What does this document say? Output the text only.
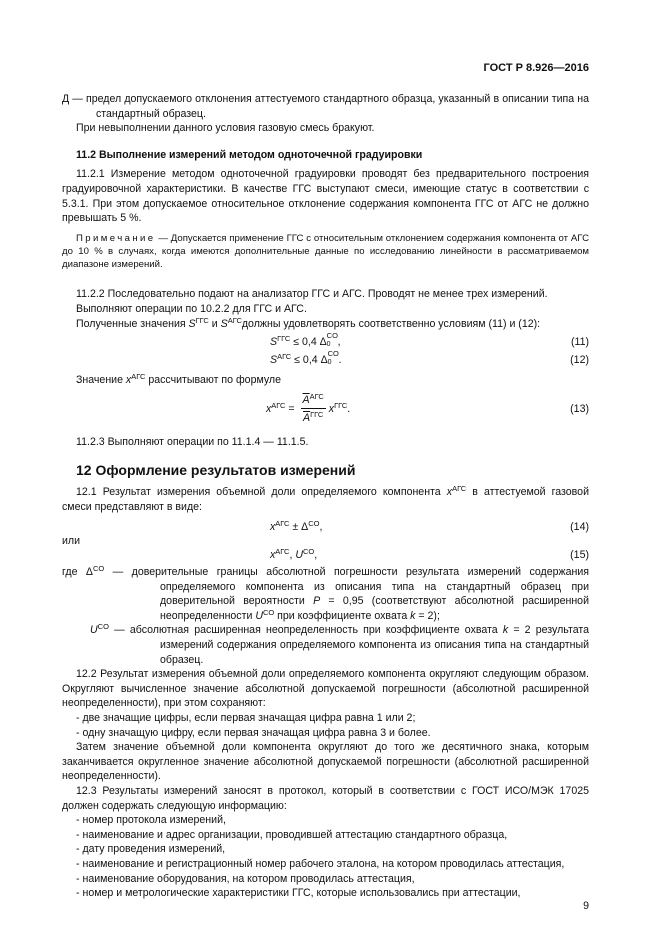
ГОСТ Р 8.926—2016
Д — предел допускаемого отклонения аттестуемого стандартного образца, указанный в описании типа на стандартный образец.
При невыполнении данного условия газовую смесь бракуют.
11.2 Выполнение измерений методом одноточечной градуировки
11.2.1 Измерение методом одноточечной градуировки проводят без предварительного построения градуировочной характеристики. В качестве ГГС выступают смеси, имеющие статус в соответствии с 5.3.1. При этом допускаемое относительное отклонение содержания компонента ГГС от АГС не должно превышать 5 %.
Примечание — Допускается применение ГГС с относительным отклонением содержания компонента от АГС до 10 % в случаях, когда имеются дополнительные данные по исследованию линейности в рассматриваемом диапазоне измерений.
11.2.2 Последовательно подают на анализатор ГГС и АГС. Проводят не менее трех измерений.
Выполняют операции по 10.2.2 для ГГС и АГС.
Полученные значения $S^{ГГС}$ и $S^{АГС}должны$ удовлетворять соответственно условиям (11) и (12):
$S^{ГГС} \le 0,4$ Δ
CO
0 ,	(11)
$S^{АГС} \le 0,4$ Δ
CO
0 .	(12)
Значение $x^{АГС}$ рассчитывают по формуле
$x^{АГС} = \frac{\overline{A}^{АГС}}{\overline{A}^{ГГС}} x^{ГГС}$.	(13)
11.2.3 Выполняют операции по 11.1.4 — 11.1.5.
12 Оформление результатов измерений
12.1 Результат измерения объемной доли определяемого компонента $x^{АГС}$ в аттестуемой газовой смеси представляют в виде:
$x^{АГС} \pm \Delta^{CO}$,	(14)
или
$x^{АГС}$, $U^{CO}$,	(15)
где $\Delta^{CO}$ — доверительные границы абсолютной погрешности результата измерений содержания определяемого компонента из описания типа на стандартный образец при доверительной вероятности P = 0,95 (соответствуют абсолютной расширенной неопределенности $U^{CO}$ при коэффициенте охвата k = 2);
$U^{CO}$ — абсолютная расширенная неопределенность при коэффициенте охвата k = 2 результата измерений содержания определяемого компонента из описания типа на стандартный образец.
12.2 Результат измерения объемной доли определяемого компонента округляют следующим образом. Округляют вычисленное значение абсолютной допускаемой погрешности (абсолютной расширенной неопределенности), при этом сохраняют:
- две значащие цифры, если первая значащая цифра равна 1 или 2;
- одну значащую цифру, если первая значащая цифра равна 3 и более.
Затем значение объемной доли компонента округляют до того же десятичного знака, которым заканчивается округленное значение абсолютной допускаемой погрешности (абсолютной расширенной неопределенности).
12.3 Результаты измерений заносят в протокол, который в соответствии с ГОСТ ИСО/МЭК 17025 должен содержать следующую информацию:
- номер протокола измерений,
- наименование и адрес организации, проводившей аттестацию стандартного образца,
- дату проведения измерений,
- наименование и регистрационный номер рабочего эталона, на котором проводилась аттестация,
- наименование оборудования, на котором проводилась аттестация,
- номер и метрологические характеристики ГГС, которые использовались при аттестации,
9
